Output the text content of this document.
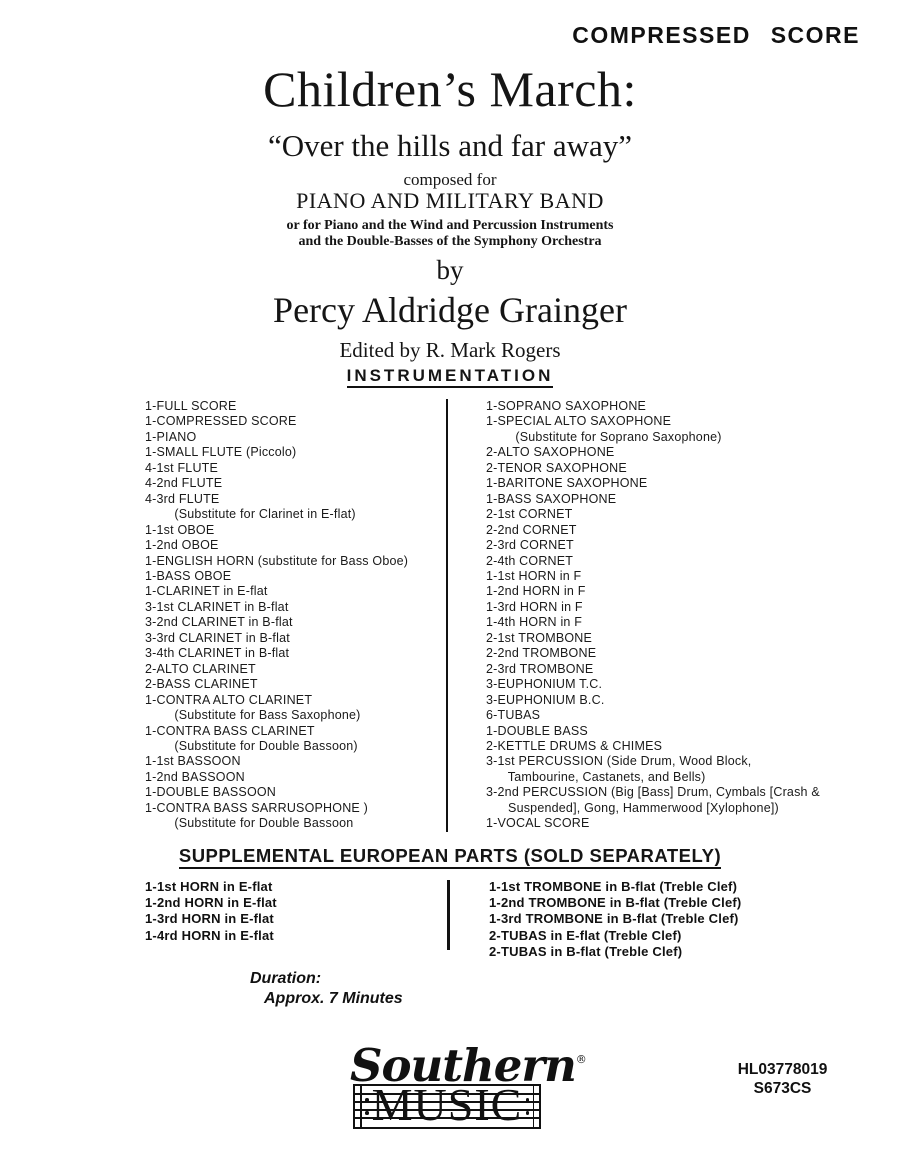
COMPRESSED SCORE
Children’s March:
“Over the hills and far away”
composed for
PIANO AND MILITARY BAND
or for Piano and the Wind and Percussion Instruments
and the Double-Basses of the Symphony Orchestra
by
Percy Aldridge Grainger
Edited by R. Mark Rogers
INSTRUMENTATION
1-FULL SCORE
1-COMPRESSED SCORE
1-PIANO
1-SMALL FLUTE (Piccolo)
4-1st FLUTE
4-2nd FLUTE
4-3rd FLUTE
(Substitute for Clarinet in E-flat)
1-1st OBOE
1-2nd OBOE
1-ENGLISH HORN (substitute for Bass Oboe)
1-BASS OBOE
1-CLARINET in E-flat
3-1st CLARINET in B-flat
3-2nd CLARINET in B-flat
3-3rd CLARINET in B-flat
3-4th CLARINET in B-flat
2-ALTO CLARINET
2-BASS CLARINET
1-CONTRA ALTO CLARINET
(Substitute for Bass Saxophone)
1-CONTRA BASS CLARINET
(Substitute for Double Bassoon)
1-1st BASSOON
1-2nd BASSOON
1-DOUBLE BASSOON
1-CONTRA BASS SARRUSOPHONE )
(Substitute for Double Bassoon
1-SOPRANO SAXOPHONE
1-SPECIAL ALTO SAXOPHONE
(Substitute for Soprano Saxophone)
2-ALTO SAXOPHONE
2-TENOR SAXOPHONE
1-BARITONE SAXOPHONE
1-BASS SAXOPHONE
2-1st CORNET
2-2nd CORNET
2-3rd CORNET
2-4th CORNET
1-1st HORN in F
1-2nd HORN in F
1-3rd HORN in F
1-4th HORN in F
2-1st TROMBONE
2-2nd TROMBONE
2-3rd TROMBONE
3-EUPHONIUM T.C.
3-EUPHONIUM B.C.
6-TUBAS
1-DOUBLE BASS
2-KETTLE DRUMS & CHIMES
3-1st PERCUSSION (Side Drum, Wood Block,
Tambourine, Castanets, and Bells)
3-2nd PERCUSSION (Big [Bass] Drum, Cymbals [Crash &
Suspended], Gong, Hammerwood [Xylophone])
1-VOCAL SCORE
SUPPLEMENTAL EUROPEAN PARTS (SOLD SEPARATELY)
1-1st HORN in E-flat
1-2nd HORN in E-flat
1-3rd HORN in E-flat
1-4rd HORN in E-flat
1-1st TROMBONE in B-flat (Treble Clef)
1-2nd TROMBONE in B-flat (Treble Clef)
1-3rd TROMBONE in B-flat (Treble Clef)
2-TUBAS in E-flat (Treble Clef)
2-TUBAS in B-flat (Treble Clef)
Duration:
Approx. 7 Minutes
Southern®
MUSIC
HL03778019
S673CS
